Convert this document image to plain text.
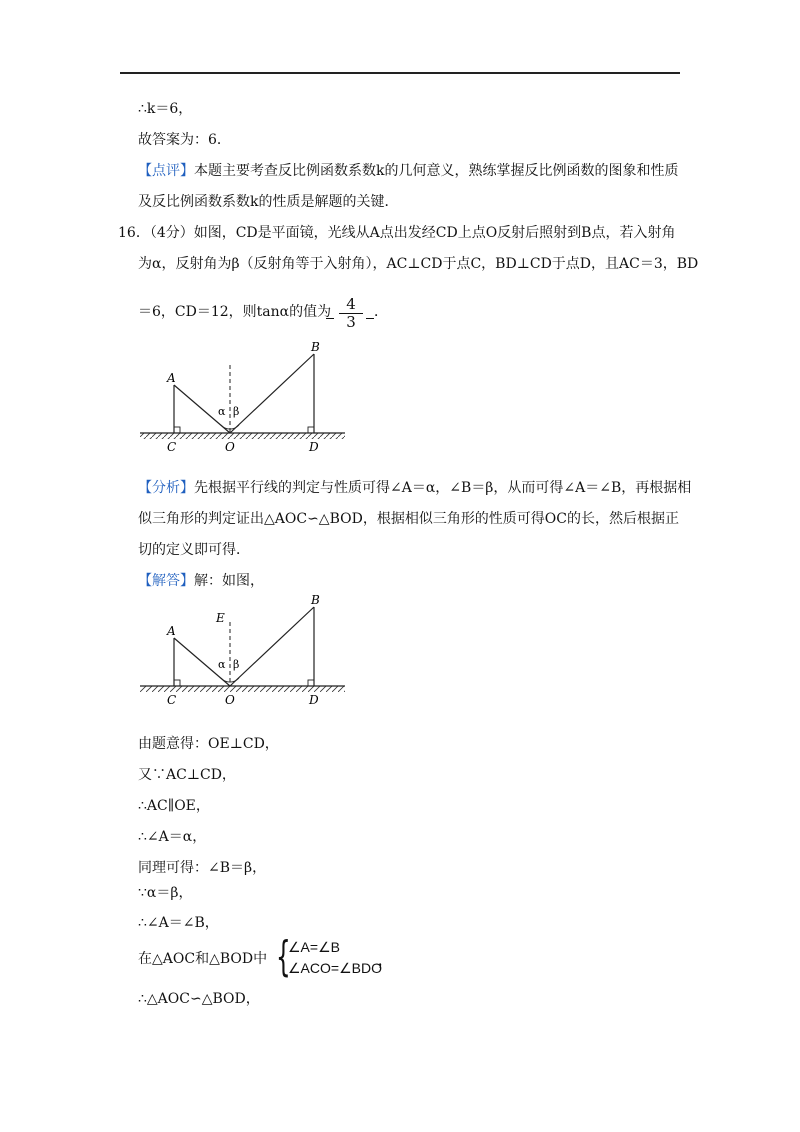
∴k＝6，
故答案为：6．
【点评】本题主要考查反比例函数系数k的几何意义，熟练掌握反比例函数的图象和性质
及反比例函数系数k的性质是解题的关键．
16．（4分）如图，CD是平面镜，光线从A点出发经CD上点O反射后照射到B点，若入射角
为α，反射角为β（反射角等于入射角），AC⊥CD于点C，BD⊥CD于点D，且AC＝3，BD
＝6，CD＝12，则tanα的值为	4
3
．
A
B
C	O	D
α β
【分析】先根据平行线的判定与性质可得∠A＝α，∠B＝β，从而可得∠A＝∠B，再根据相
似三角形的判定证出△AOC∽△BOD，根据相似三角形的性质可得OC的长，然后根据正
切的定义即可得．
【解答】解：如图，
A
B
E
C	O	D
α β
由题意得：OE⊥CD，
又∵AC⊥CD，
∴AC∥OE，
∴∠A＝α，
同理可得：∠B＝β，
∵α＝β，
∴∠A＝∠B，
在△AOC和△BOD中 {
∠A=∠B
∠ACO=∠BDO
，
∴△AOC∽△BOD，
